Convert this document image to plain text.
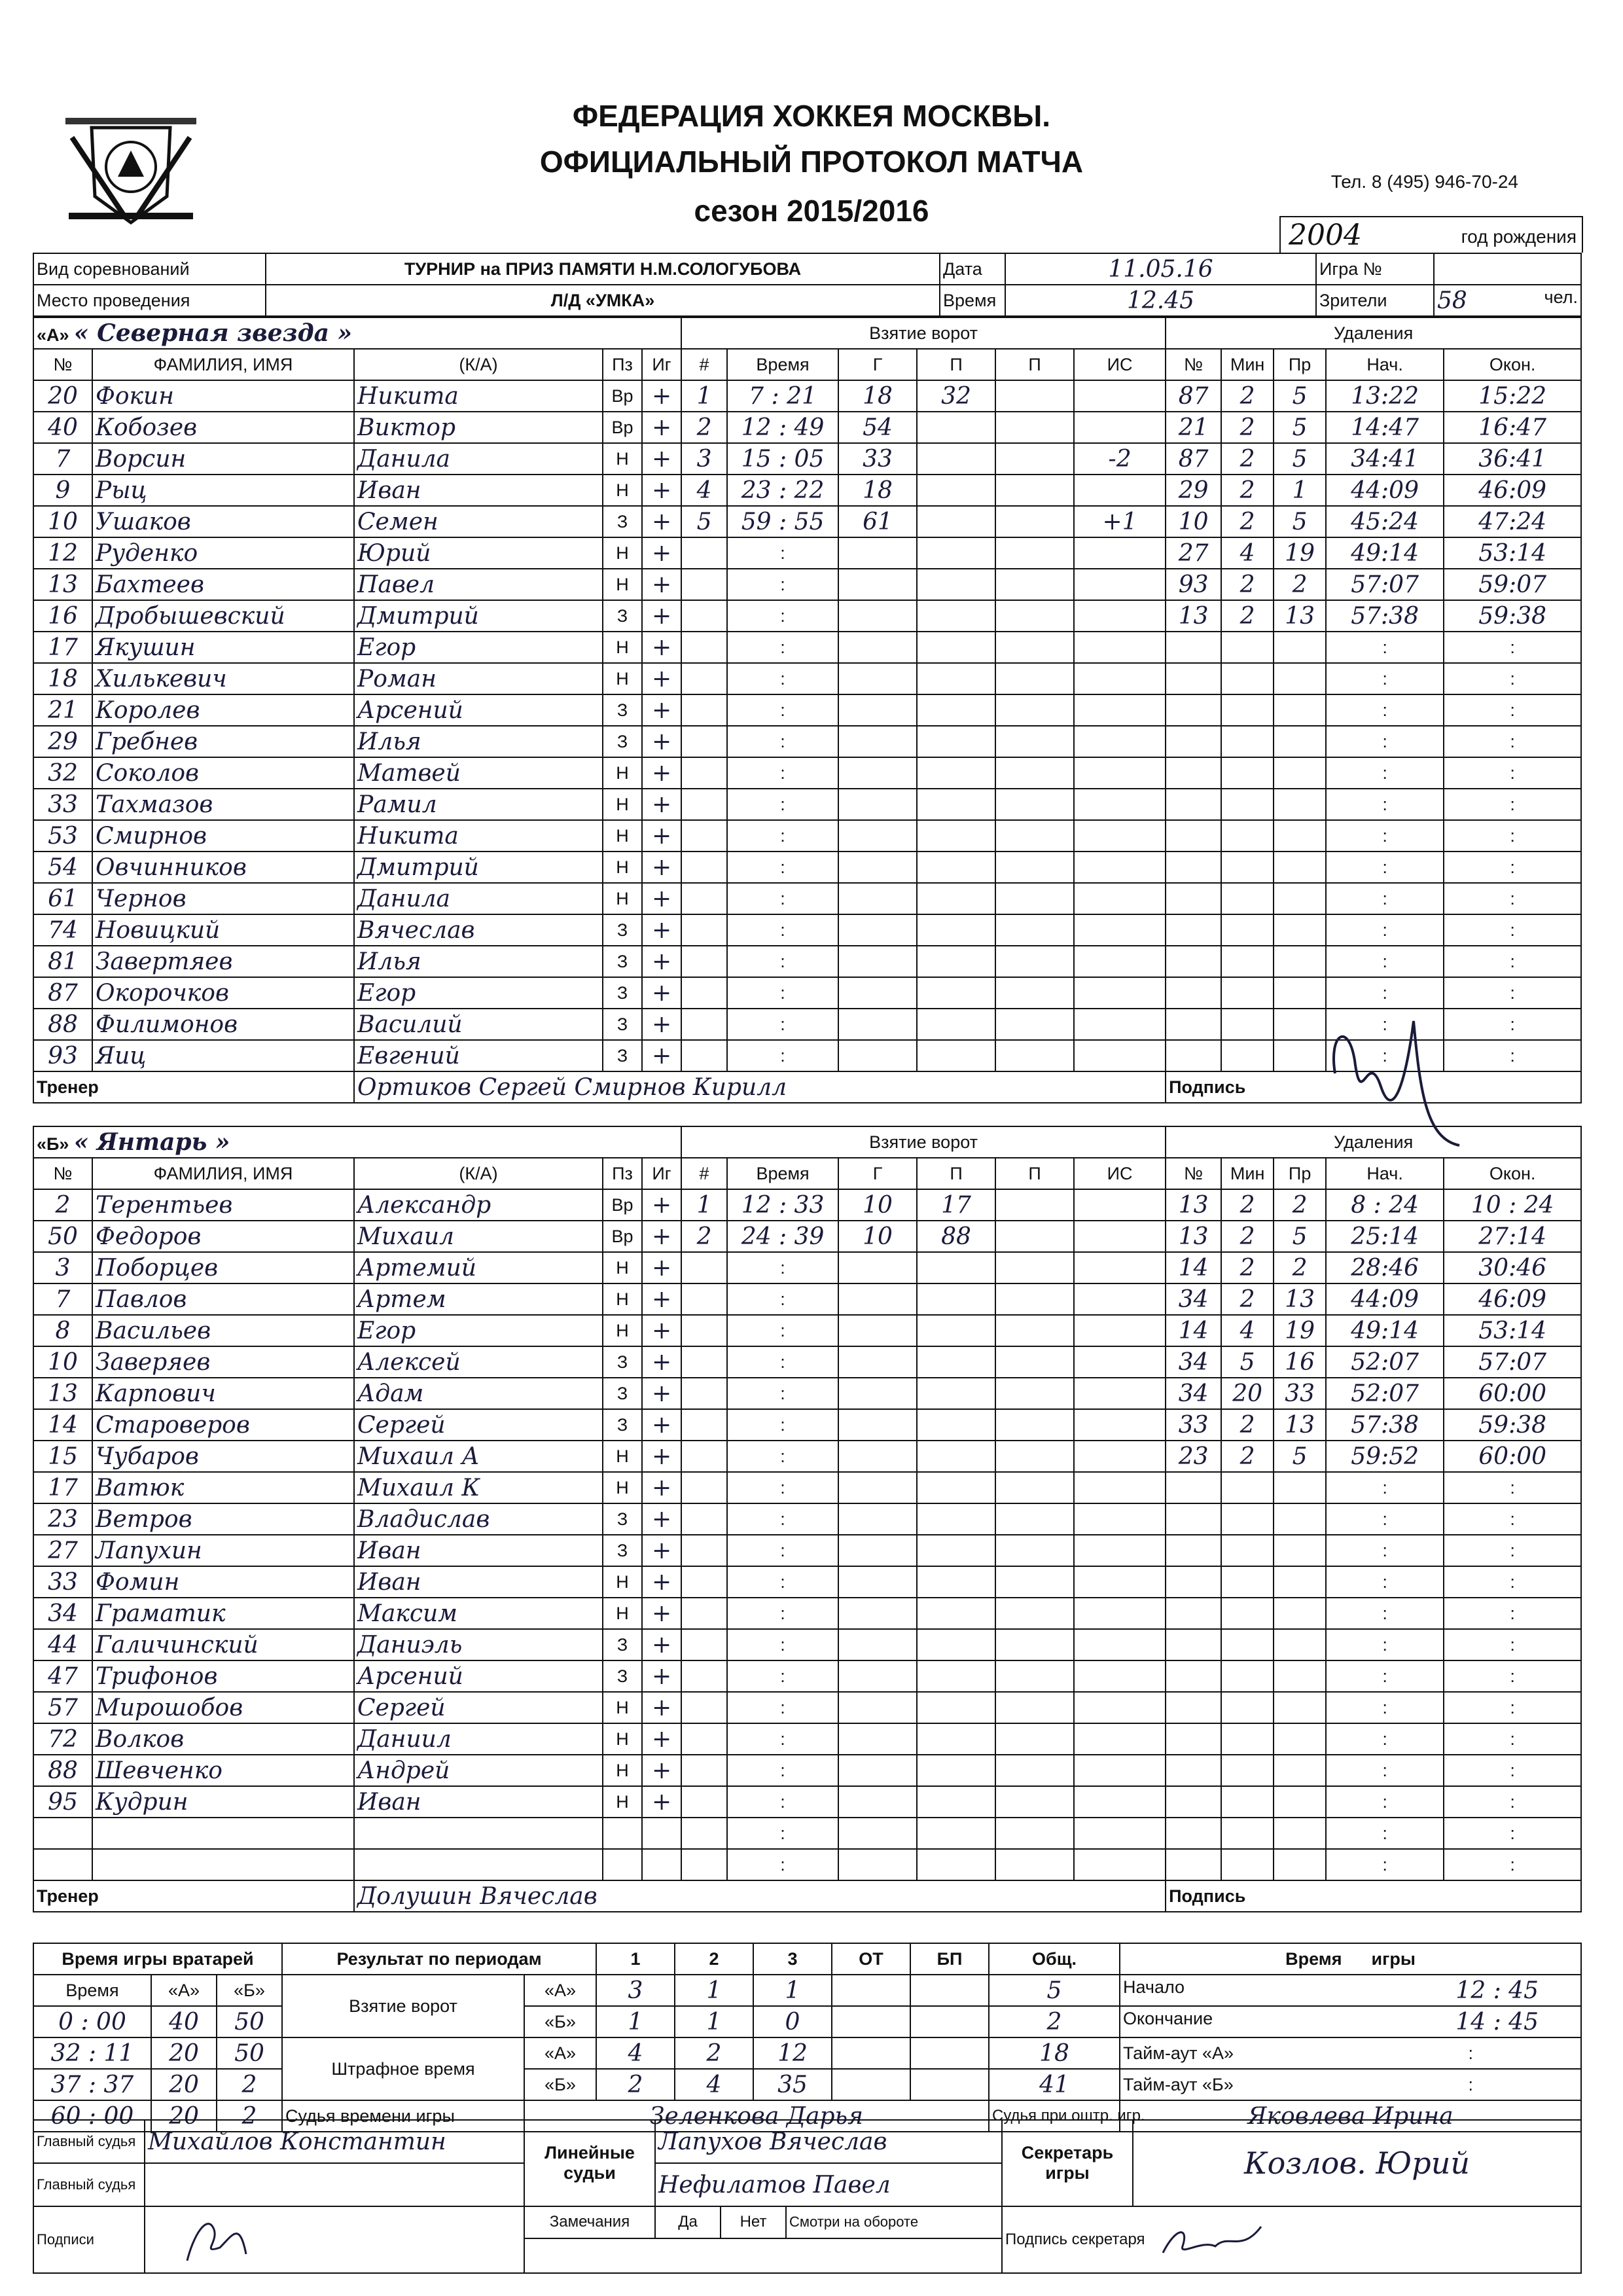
ФЕДЕРАЦИЯ ХОККЕЯ МОСКВЫ.
ОФИЦИАЛЬНЫЙ ПРОТОКОЛ МАТЧА
сезон 2015/2016
Тел. 8 (495) 946-70-24
2004	год рождения
Вид соревнований	ТУРНИР на ПРИЗ ПАМЯТИ Н.М.СОЛОГУБОВА	Дата	11.05.16	Игра №	
Место проведения	Л/Д «УМКА»	Время	12.45	Зрители	58 чел.
«А» « Северная звезда »					Взятие ворот						Удаления				
№	ФАМИЛИЯ, ИМЯ	(К/А)	Пз	Иг	#	Время	Г	П	П	ИС	№	Мин	Пр	Нач.	Окон.
20	Фокин	Никита	Вр	+	1	7 : 21	18	32			87	2	5	13:22	15:22
40	Кобозев	Виктор	Вр	+	2	12 : 49	54				21	2	5	14:47	16:47
7	Ворсин	Данила	Н	+	3	15 : 05	33			-2	87	2	5	34:41	36:41
9	Рыц	Иван	Н	+	4	23 : 22	18				29	2	1	44:09	46:09
10	Ушаков	Семен	З	+	5	59 : 55	61			+1	10	2	5	45:24	47:24
12	Руденко	Юрий	Н	+		:					27	4	19	49:14	53:14
13	Бахтеев	Павел	Н	+		:					93	2	2	57:07	59:07
16	Дробышевский	Дмитрий	З	+		:					13	2	13	57:38	59:38
17	Якушин	Егор	Н	+		:								:	:
18	Хилькевич	Роман	Н	+		:								:	:
21	Королев	Арсений	З	+		:								:	:
29	Гребнев	Илья	З	+		:								:	:
32	Соколов	Матвей	Н	+		:								:	:
33	Тахмазов	Рамил	Н	+		:								:	:
53	Смирнов	Никита	Н	+		:								:	:
54	Овчинников	Дмитрий	Н	+		:								:	:
61	Чернов	Данила	Н	+		:								:	:
74	Новицкий	Вячеслав	З	+		:								:	:
81	Завертяев	Илья	З	+		:								:	:
87	Окорочков	Егор	З	+		:								:	:
88	Филимонов	Василий	З	+		:								:	:
93	Яиц	Евгений	З	+		:								:	:
Тренер		Ортиков Сергей Смирнов Кирилл									Подпись				
«Б» « Янтарь »					Взятие ворот						Удаления				
№	ФАМИЛИЯ, ИМЯ	(К/А)	Пз	Иг	#	Время	Г	П	П	ИС	№	Мин	Пр	Нач.	Окон.
2	Терентьев	Александр	Вр	+	1	12 : 33	10	17			13	2	2	8 : 24	10 : 24
50	Федоров	Михаил	Вр	+	2	24 : 39	10	88			13	2	5	25:14	27:14
3	Поборцев	Артемий	Н	+		:					14	2	2	28:46	30:46
7	Павлов	Артем	Н	+		:					34	2	13	44:09	46:09
8	Васильев	Егор	Н	+		:					14	4	19	49:14	53:14
10	Заверяев	Алексей	З	+		:					34	5	16	52:07	57:07
13	Карпович	Адам	З	+		:					34	20	33	52:07	60:00
14	Староверов	Сергей	З	+		:					33	2	13	57:38	59:38
15	Чубаров	Михаил А	Н	+		:					23	2	5	59:52	60:00
17	Ватюк	Михаил К	Н	+		:								:	:
23	Ветров	Владислав	З	+		:								:	:
27	Лапухин	Иван	З	+		:								:	:
33	Фомин	Иван	Н	+		:								:	:
34	Граматик	Максим	Н	+		:								:	:
44	Галичинский	Даниэль	З	+		:								:	:
47	Трифонов	Арсений	З	+		:								:	:
57	Мирошобов	Сергей	Н	+		:								:	:
72	Волков	Даниил	Н	+		:								:	:
88	Шевченко	Андрей	Н	+		:								:	:
95	Кудрин	Иван	Н	+		:								:	:
						:								:	:
						:								:	:
Тренер		Долушин Вячеслав									Подпись				
Время игры вратарей			Результат по периодам		1	2	3	ОТ	БП	Общ.	Время игры
Время	«А»	«Б»	Взятие ворот	«А»	3	1	1			5	Начало 12 : 45

0 : 00	40	50		«Б»	1	1	0			2	Окончание 14 : 45

32 : 11	20	50	Штрафное время	«А»	4	2	12			18	Тайм-аут «А» :

37 : 37	20	2		«Б»	2	4	35			41	Тайм-аут «Б» :

60 : 00	20	2	Судья времени игры	Зеленкова Дарья						Судья при оштр. игр.	Яковлева Ирина
Главный судья	Михайлов Константин	Линейные судьи	Лапухов Вячеслав			Секретарь игры	Козлов. Юрий
Главный судья			Нефилатов Павел				
Подписи		Замечания	Да	Нет	Смотри на обороте	Подпись секретаря	
